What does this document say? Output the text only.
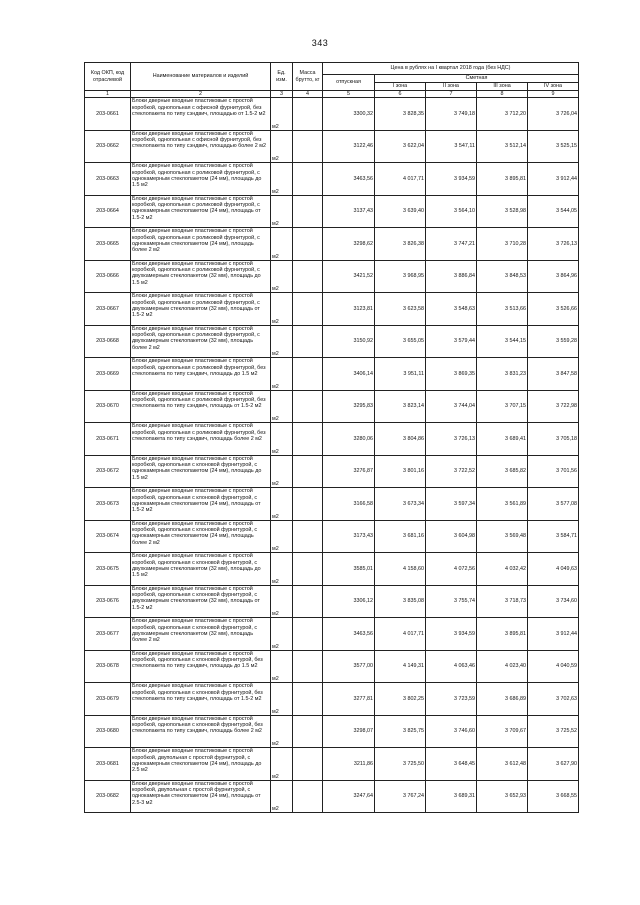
343
Код ОКП, код отраслевой	Наименование материалов и изделий	Ед. изм.	Масса брутто, кг	Цена в рублях на I квартал 2018 года (без НДС)				
				отпускная	Сметная			
					I зона	II зона	III зона	IV зона
1	2	3	4	5	6	7	8	9
203-0661	Блоки дверные входные пластиковые с простой коробкой, однопольная с офисной фурнитурой, без стеклопакета по типу сэндвич, площадью от 1.5-2 м2	м2		3300,32	3 828,35	3 749,18	3 712,20	3 726,04
203-0662	Блоки дверные входные пластиковые с простой коробкой, однопольная с офисной фурнитурой, без стеклопакета по типу сэндвич, площадью более 2 м2	м2		3122,46	3 622,04	3 547,11	3 512,14	3 525,15
203-0663	Блоки дверные входные пластиковые с простой коробкой, однопольная с роликовой фурнитурой, с однокамерным стеклопакетом (24 мм), площадь до 1.5 м2	м2		3463,56	4 017,71	3 934,59	3 895,81	3 912,44
203-0664	Блоки дверные входные пластиковые с простой коробкой, однопольная с роликовой фурнитурой, с однокамерным стеклопакетом (24 мм), площадь от 1.5-2 м2	м2		3137,43	3 639,40	3 564,10	3 528,98	3 544,05
203-0665	Блоки дверные входные пластиковые с простой коробкой, однопольная с роликовой фурнитурой, с однокамерным стеклопакетом (24 мм), площадь более 2 м2	м2		3298,62	3 826,38	3 747,21	3 710,28	3 726,13
203-0666	Блоки дверные входные пластиковые с простой коробкой, однопольная с роликовой фурнитурой, с двухкамерным стеклопакетом (32 мм), площадь до 1.5 м2	м2		3421,52	3 968,95	3 886,84	3 848,53	3 864,96
203-0667	Блоки дверные входные пластиковые с простой коробкой, однопольная с роликовой фурнитурой, с двухкамерным стеклопакетом (32 мм), площадь от 1.5-2 м2	м2		3123,81	3 623,58	3 548,63	3 513,66	3 526,66
203-0668	Блоки дверные входные пластиковые с простой коробкой, однопольная с роликовой фурнитурой, с двухкамерным стеклопакетом (32 мм), площадь более 2 м2	м2		3150,92	3 655,05	3 579,44	3 544,15	3 559,28
203-0669	Блоки дверные входные пластиковые с простой коробкой, однопольная с роликовой фурнитурой, без стеклопакета по типу сэндвич, площадь до 1.5 м2	м2		3406,14	3 951,11	3 869,35	3 831,23	3 847,58
203-0670	Блоки дверные входные пластиковые с простой коробкой, однопольная с роликовой фурнитурой, без стеклопакета по типу сэндвич, площадь от 1.5-2 м2	м2		3295,83	3 823,14	3 744,04	3 707,15	3 722,98
203-0671	Блоки дверные входные пластиковые с простой коробкой, однопольная с роликовой фурнитурой, без стеклопакета по типу сэндвич, площадь более 2 м2	м2		3280,06	3 804,86	3 726,13	3 689,41	3 705,18
203-0672	Блоки дверные входные пластиковые с простой коробкой, однопольная с клоновой фурнитурой, с однокамерным стеклопакетом (24 мм), площадь до 1.5 м2	м2		3276,87	3 801,16	3 722,52	3 685,82	3 701,56
203-0673	Блоки дверные входные пластиковые с простой коробкой, однопольная с клоновой фурнитурой, с однокамерным стеклопакетом (24 мм), площадь от 1.5-2 м2	м2		3166,58	3 673,34	3 597,34	3 561,89	3 577,08
203-0674	Блоки дверные входные пластиковые с простой коробкой, однопольная с клоновой фурнитурой, с однокамерным стеклопакетом (24 мм), площадь более 2 м2	м2		3173,43	3 681,16	3 604,98	3 569,48	3 584,71
203-0675	Блоки дверные входные пластиковые с простой коробкой, однопольная с клоновой фурнитурой, с двухкамерным стеклопакетом (32 мм), площадь до 1.5 м2	м2		3585,01	4 158,60	4 072,56	4 032,42	4 049,63
203-0676	Блоки дверные входные пластиковые с простой коробкой, однопольная с клоновой фурнитурой, с двухкамерным стеклопакетом (32 мм), площадь от 1.5-2 м2	м2		3306,12	3 835,08	3 755,74	3 718,73	3 734,60
203-0677	Блоки дверные входные пластиковые с простой коробкой, однопольная с клоновой фурнитурой, с двухкамерным стеклопакетом (32 мм), площадь более 2 м2	м2		3463,56	4 017,71	3 934,59	3 895,81	3 912,44
203-0678	Блоки дверные входные пластиковые с простой коробкой, однопольная с клоновой фурнитурой, без стеклопакета по типу сэндвич, площадь до 1.5 м2	м2		3577,00	4 149,31	4 063,46	4 023,40	4 040,59
203-0679	Блоки дверные входные пластиковые с простой коробкой, однопольная с клоновой фурнитурой, без стеклопакета по типу сэндвич, площадь от 1.5-2 м2	м2		3277,81	3 802,25	3 723,59	3 686,89	3 702,63
203-0680	Блоки дверные входные пластиковые с простой коробкой, однопольная с клоновой фурнитурой, без стеклопакета по типу сэндвич, площадь более 2 м2	м2		3298,07	3 825,75	3 746,60	3 709,67	3 725,52
203-0681	Блоки дверные входные пластиковые с простой коробкой, двупольная с простой фурнитурой, с однокамерным стеклопакетом (24 мм), площадь до 2.5 м2	м2		3211,86	3 725,50	3 648,45	3 612,48	3 627,90
203-0682	Блоки дверные входные пластиковые с простой коробкой, двупольная с простой фурнитурой, с однокамерным стеклопакетом (24 мм), площадь от 2.5-3 м2	м2		3247,64	3 767,24	3 689,31	3 652,93	3 668,55
